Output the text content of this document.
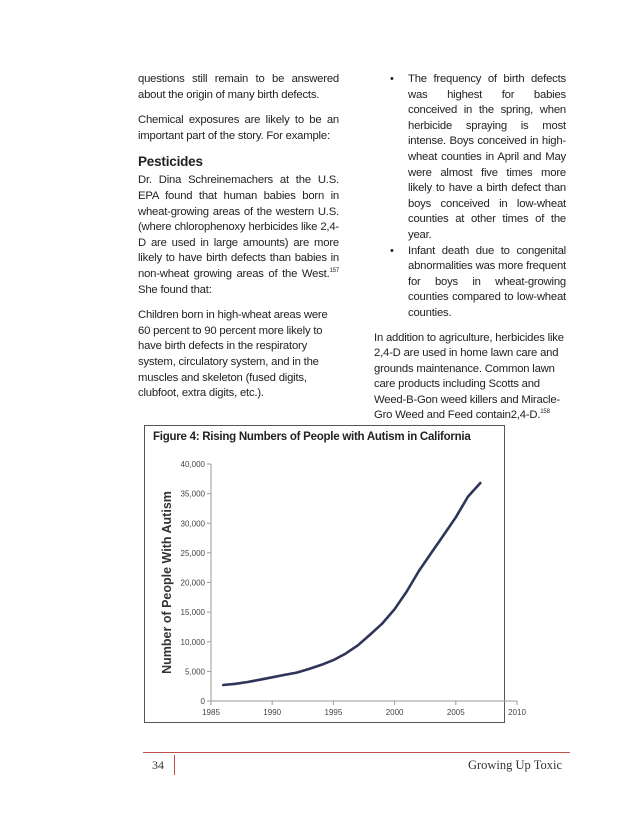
questions still remain to be answered about the origin of many birth defects.

Chemical exposures are likely to be an important part of the story. For example:

Pesticides

Dr. Dina Schreinemachers at the U.S. EPA found that human babies born in wheat-growing areas of the western U.S. (where chlorophenoxy herbicides like 2,4-D are used in large amounts) are more likely to have birth defects than babies in non-wheat growing areas of the West.$^{157}$ She found that:

Children born in high-wheat areas were 60 percent to 90 percent more likely to have birth defects in the respiratory system, circulatory system, and in the muscles and skeleton (fused digits, clubfoot, extra digits, etc.).

• The frequency of birth defects was highest for babies conceived in the spring, when herbicide spraying is most intense. Boys conceived in high-wheat counties in April and May were almost five times more likely to have a birth defect than boys conceived in low-wheat counties at other times of the year.
• Infant death due to congenital abnormalities was more frequent for boys in wheat-growing counties compared to low-wheat counties.

In addition to agriculture, herbicides like 2,4-D are used in home lawn care and grounds maintenance. Common lawn care products including Scotts and Weed-B-Gon weed killers and Miracle-Gro Weed and Feed contain2,4-D.$^{158}$

Figure 4: Rising Numbers of People with Autism in California
0
5,000
10,000
15,000
20,000
25,000
30,000
35,000
40,000
1985	1990	1995	2000	2005	2010
Number of People With Autism
34	Growing Up Toxic
